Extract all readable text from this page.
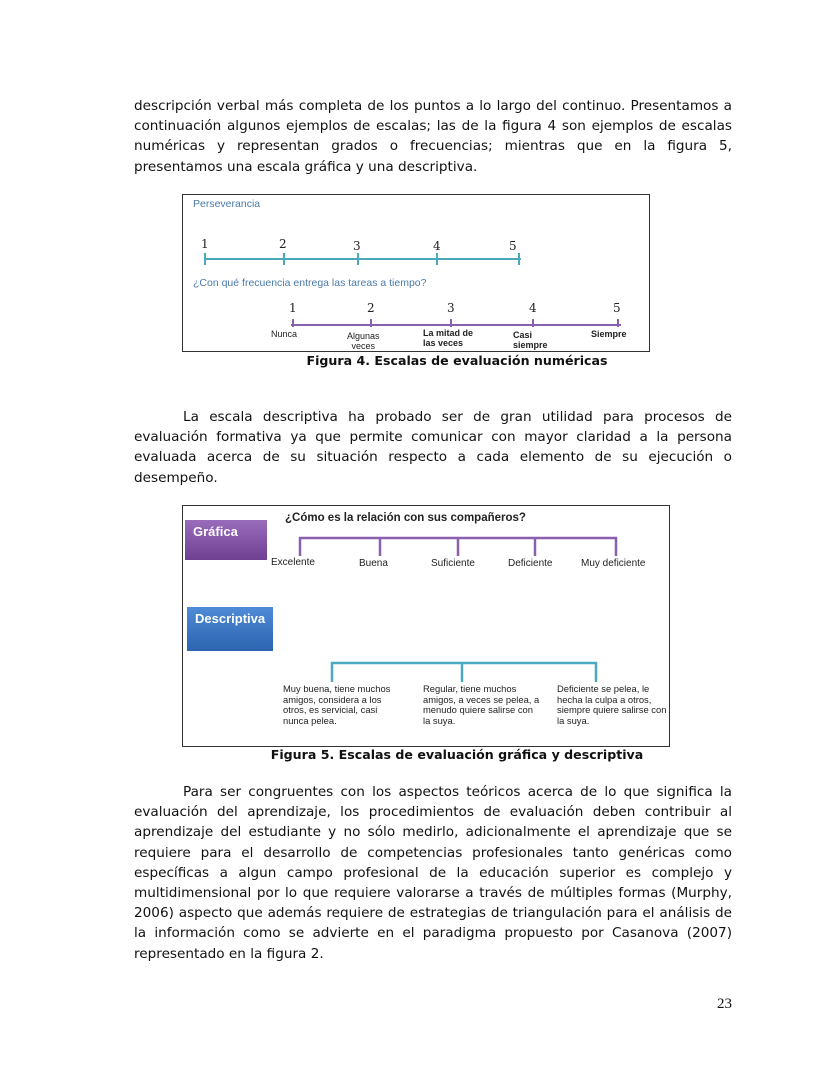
descripción verbal más completa de los puntos a lo largo del continuo. Presentamos a continuación algunos ejemplos de escalas; las de la figura 4 son ejemplos de escalas numéricas y representan grados o frecuencias; mientras que en la figura 5, presentamos una escala gráfica y una descriptiva.

Perseverancia
1	2	3	4	5
¿Con qué frecuencia entrega las tareas a tiempo?
1	2	3	4	5
Nunca	Algunas
veces
La mitad de
las veces
Casi
siempre
Siempre
Figura 4. Escalas de evaluación numéricas

La escala descriptiva ha probado ser de gran utilidad para procesos de evaluación formativa ya que permite comunicar con mayor claridad a la persona evaluada acerca de su situación respecto a cada elemento de su ejecución o desempeño.

Gráfica
¿Cómo es la relación con sus compañeros?
Excelente	Buena	Suficiente	Deficiente	Muy deficiente
Descriptiva
Muy buena, tiene muchos amigos, considera a los otros, es servicial, casi nunca pelea.
Regular, tiene muchos amigos, a veces se pelea, a menudo quiere salirse con la suya.
Deficiente se pelea, le hecha la culpa a otros, siempre quiere salirse con la suya.
Figura 5. Escalas de evaluación gráfica y descriptiva

Para ser congruentes con los aspectos teóricos acerca de lo que significa la evaluación del aprendizaje, los procedimientos de evaluación deben contribuir al aprendizaje del estudiante y no sólo medirlo, adicionalmente el aprendizaje que se requiere para el desarrollo de competencias profesionales tanto genéricas como específicas a algun campo profesional de la educación superior es complejo y multidimensional por lo que requiere valorarse a través de múltiples formas (Murphy, 2006) aspecto que además requiere de estrategias de triangulación para el análisis de la información como se advierte en el paradigma propuesto por Casanova (2007) representado en la figura 2.

23
